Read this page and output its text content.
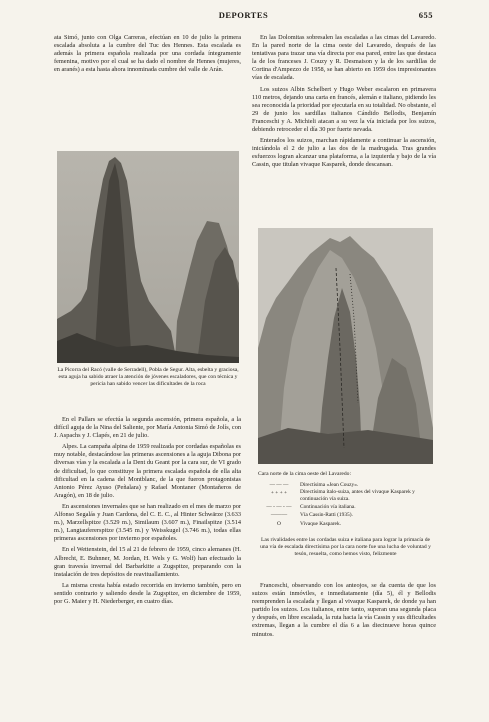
DEPORTES	655

ata Simó, junto con Olga Carreras, efectúan en 10 de julio la primera escalada absoluta a la cumbre del Tuc des Hennes. Esta escalada es además la primera española realizada por una cordada íntegramente femenina, motivo por el cual se ha dado el nombre de Hennes (mujeres, en aranés) a esta hasta ahora innominada cumbre del valle de Arán.

La Picorra del Racó (valle de Serradell), Pobla de Segur. Alta, esbelta y graciosa, esta aguja ha sabido atraer la atención de jóvenes escaladores, que con técnica y pericia han sabido vencer las dificultades de la roca

En el Pallars se efectúa la segunda ascensión, primera española, a la difícil aguja de la Nina del Saliente, por María Antonia Simó de Jolís, con J. Aspachs y J. Clapés, en 21 de julio.

Alpes. La campaña alpina de 1959 realizada por cordadas españolas es muy notable, destacándose las primeras ascensiones a la aguja Dibona por diversas vías y la escalada a la Dent du Geant por la cara sur, de VI grado de dificultad, lo que constituye la primera escalada española de ella alta dificultad en la cadena del Montblanc, de la que fueron protagonistas Antonio Pérez Ayuso (Peñalara) y Rafael Montaner (Montañeros de Aragón), en 18 de julio.

En ascensiones invernales que se han realizado en el mes de marzo por Alfonso Segalás y Juan Cardona, del C. E. C., al Hinter Schwärze (3.633 m.), Marzellspitze (3.529 m.), Similaum (3.607 m.), Finailspitze (3.514 m.), Langtaufererspitze (3.545 m.) y Weisskugel (3.746 m.), todas ellas primeras ascensiones por invierno por españoles.

En el Wettenstein, del 15 al 21 de febrero de 1959, cinco alemanes (H. Albrecht, E. Buhnner, M. Jordan, H. Wels y G. Wolf) han efectuado la gran travesía invernal del Barbarkitte a Zugspitze, preparando con la instalación de tres depósitos de reavituallamiento.

La misma cresta había estado recorrida en invierno también, pero en sentido contrario y saliendo desde la Zugspitze, en diciembre de 1959, por G. Maier y H. Niederberger, en cuatro días.

En las Dolomitas sobresalen las escaladas a las cimas del Lavaredo. En la pared norte de la cima oeste del Lavaredo, después de las tentativas para trazar una vía directa por esa pared, entre las que destaca la de los franceses J. Couzy y R. Desmaison y la de los sardillas de Cortina d'Ampezzo de 1958, se han abierto en 1959 dos impresionantes vías de escalada.

Los suizos Albin Schelbert y Hugo Weber escalaron en primavera 110 metros, dejando una carta en francés, alemán e italiano, pidiendo les sea reconocida la prioridad por ejecutarla en su totalidad. No obstante, el 29 de junio los sardillas italianos Cándido Bellodis, Benjamín Franceschi y A. Michieli atacan a su vez la vía iniciada por los suizos, debiendo retroceder el día 30 por fuerte nevada.

Enterados los suizos, marchan rápidamente a continuar la ascensión, iniciándola el 2 de julio a las dos de la madrugada. Tras grandes esfuerzos logran alcanzar una plataforma, a la izquierda y bajo de la vía Cassin, que titulan vivaque Kasparek, donde descansan.

Cara norte de la cima oeste del Lavaredo:
— — —	Directísima «Jean Couzy».
+ + + +	Directísima ítalo-suiza, antes del vivaque Kasparek y continuación vía suiza.
— - — - —	Continuación vía italiana.
———	Vía Cassin-Ratti (1935).
O	Vivaque Kasparek.
Las rivalidades entre las cordadas suiza e italiana para lograr la primacía de una vía de escalada directísima por la cara norte fue una lucha de voluntad y tesón, resuelta, como hemos visto, felizmente

Franceschi, observando con los anteojos, se da cuenta de que los suizos están inmóviles, e inmediatamente (día 5), él y Bellodis reemprenden la escalada y llegan al vivaque Kasparek, de donde ya han partido los suizos. Los italianos, entre tanto, superan una segunda placa y después, en libre escalada, la ruta hacia la vía Cassin y sus dificultades extremas, llegan a la cumbre el día 6 a las diecinueve horas quince minutos.
